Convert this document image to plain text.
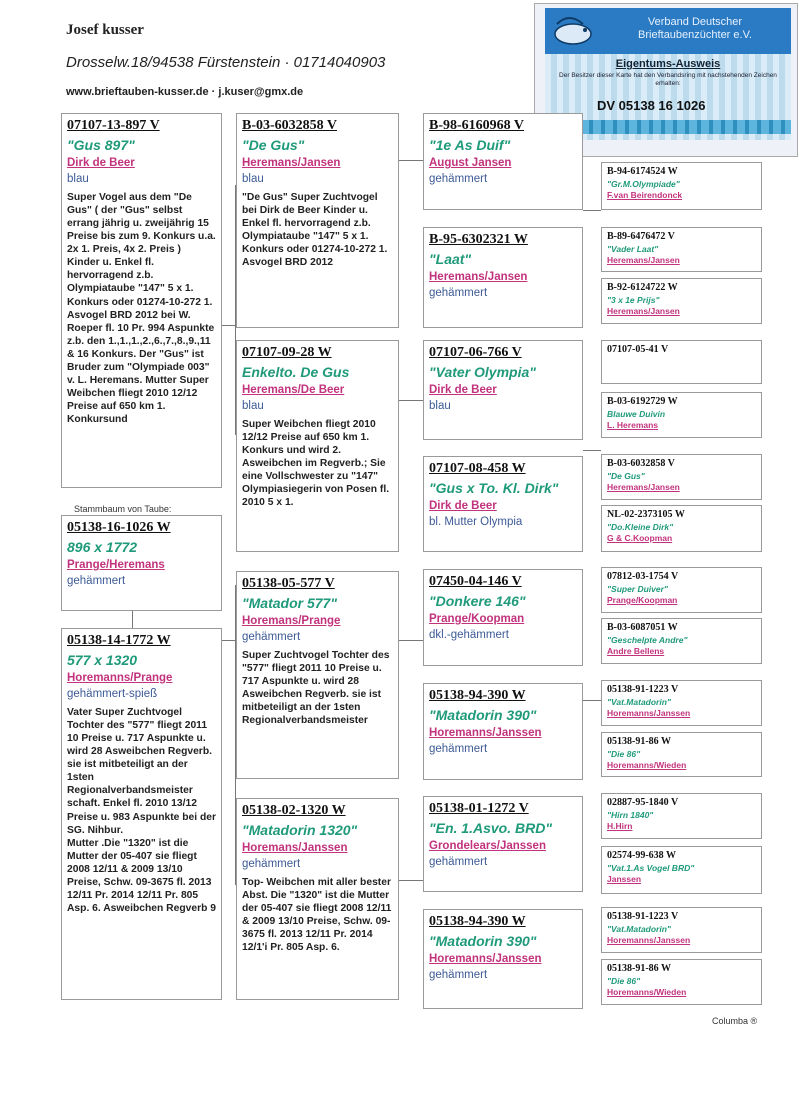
Josef kusser
Drosselw.18/94538 Fürstenstein · 01714040903
www.brieftauben-kusser.de · j.kuser@gmx.de
Verband Deutscher Brieftaubenzüchter e.V.
Eigentums-Ausweis
Der Besitzer dieser Karte hat den Verbandsring mit nachstehenden Zeichen erhalten:
DV 05138 16 1026
07107-13-897 V
"Gus 897"
Dirk de Beer
blau
Super Vogel aus dem "De Gus" ( der "Gus" selbst errang jährig u. zweijährig 15 Preise bis zum 9. Konkurs u.a. 2x 1. Preis, 4x 2. Preis ) Kinder u. Enkel fl. hervorragend z.b. Olympiataube "147" 5 x 1. Konkurs oder 01274-10-272 1. Asvogel BRD 2012 bei W. Roeper fl. 10 Pr. 994 Aspunkte z.b. den 1.,1.,1.,2.,6.,7.,8.,9.,11 & 16 Konkurs. Der "Gus" ist Bruder zum "Olympiade 003" v. L. Heremans. Mutter Super Weibchen fliegt 2010 12/12 Preise auf 650 km 1. Konkursund
Stammbaum von Taube:
05138-16-1026 W
896 x 1772
Prange/Heremans
gehämmert
05138-14-1772 W
577 x 1320
Horemanns/Prange
gehämmert-spieß
Vater Super Zuchtvogel Tochter des "577" fliegt 2011 10 Preise u. 717 Aspunkte u. wird 28 Asweibchen Regverb. sie ist mitbeteiligt an der 1sten Regionalverbandsmeister schaft. Enkel fl. 2010 13/12 Preise u. 983 Aspunkte bei der SG. Nihbur.
Mutter .Die "1320" ist die Mutter der 05-407 sie fliegt 2008 12/11 & 2009 13/10 Preise, Schw. 09-3675 fl. 2013 12/11 Pr. 2014 12/11 Pr. 805 Asp. 6. Asweibchen Regverb 9
B-03-6032858 V
"De Gus"
Heremans/Jansen
blau
"De Gus" Super Zuchtvogel bei Dirk de Beer Kinder u. Enkel fl. hervorragend z.b. Olympiataube "147" 5 x 1. Konkurs oder 01274-10-272 1. Asvogel BRD 2012
07107-09-28 W
Enkelto. De Gus
Heremans/De Beer
blau
Super Weibchen fliegt 2010 12/12 Preise auf 650 km 1. Konkurs und wird 2. Asweibchen im Regverb.; Sie eine Vollschwester zu "147" Olympiasiegerin von Posen fl. 2010 5 x 1.
05138-05-577 V
"Matador 577"
Horemans/Prange
gehämmert
Super Zuchtvogel Tochter des "577" fliegt 2011 10 Preise u. 717 Aspunkte u. wird 28 Asweibchen Regverb. sie ist mitbeteiligt an der 1sten Regionalverbandsmeister
05138-02-1320 W
"Matadorin 1320"
Horemans/Janssen
gehämmert
Top- Weibchen mit aller bester Abst. Die "1320" ist die Mutter der 05-407 sie fliegt 2008 12/11 & 2009 13/10 Preise, Schw. 09-3675 fl. 2013 12/11 Pr. 2014 12/1'i Pr. 805 Asp. 6.
B-98-6160968 V
"1e As Duif"
August Jansen
gehämmert
B-95-6302321 W
"Laat"
Heremans/Jansen
gehämmert
07107-06-766 V
"Vater Olympia"
Dirk de Beer
blau
07107-08-458 W
"Gus x To. Kl. Dirk"
Dirk de Beer
bl. Mutter Olympia
07450-04-146 V
"Donkere 146"
Prange/Koopman
dkl.-gehämmert
05138-94-390 W
"Matadorin 390"
Horemanns/Janssen
gehämmert
05138-01-1272 V
"En. 1.Asvo. BRD"
Grondelears/Janssen
gehämmert
05138-94-390 W
"Matadorin 390"
Horemanns/Janssen
gehämmert
B-94-6174524 W
"Gr.M.Olympiade"
F.van Beirendonck
B-89-6476472 V
"Vader Laat"
Heremans/Jansen
B-92-6124722 W
"3 x 1e Prijs"
Heremans/Jansen
07107-05-41 V
B-03-6192729 W
Blauwe Duivin
L. Heremans
B-03-6032858 V
"De Gus"
Heremans/Jansen
NL-02-2373105 W
"Do.Kleine Dirk"
G & C.Koopman
07812-03-1754 V
"Super Duiver"
Prange/Koopman
B-03-6087051 W
"Geschelpte Andre"
Andre Bellens
05138-91-1223 V
"Vat.Matadorin"
Horemanns/Janssen
05138-91-86 W
"Die 86"
Horemanns/Wieden
02887-95-1840 V
"Hirn 1840"
H.Hirn
02574-99-638 W
"Vat.1.As Vogel BRD"
Janssen
05138-91-1223 V
"Vat.Matadorin"
Horemanns/Janssen
05138-91-86 W
"Die 86"
Horemanns/Wieden
Columba ®
